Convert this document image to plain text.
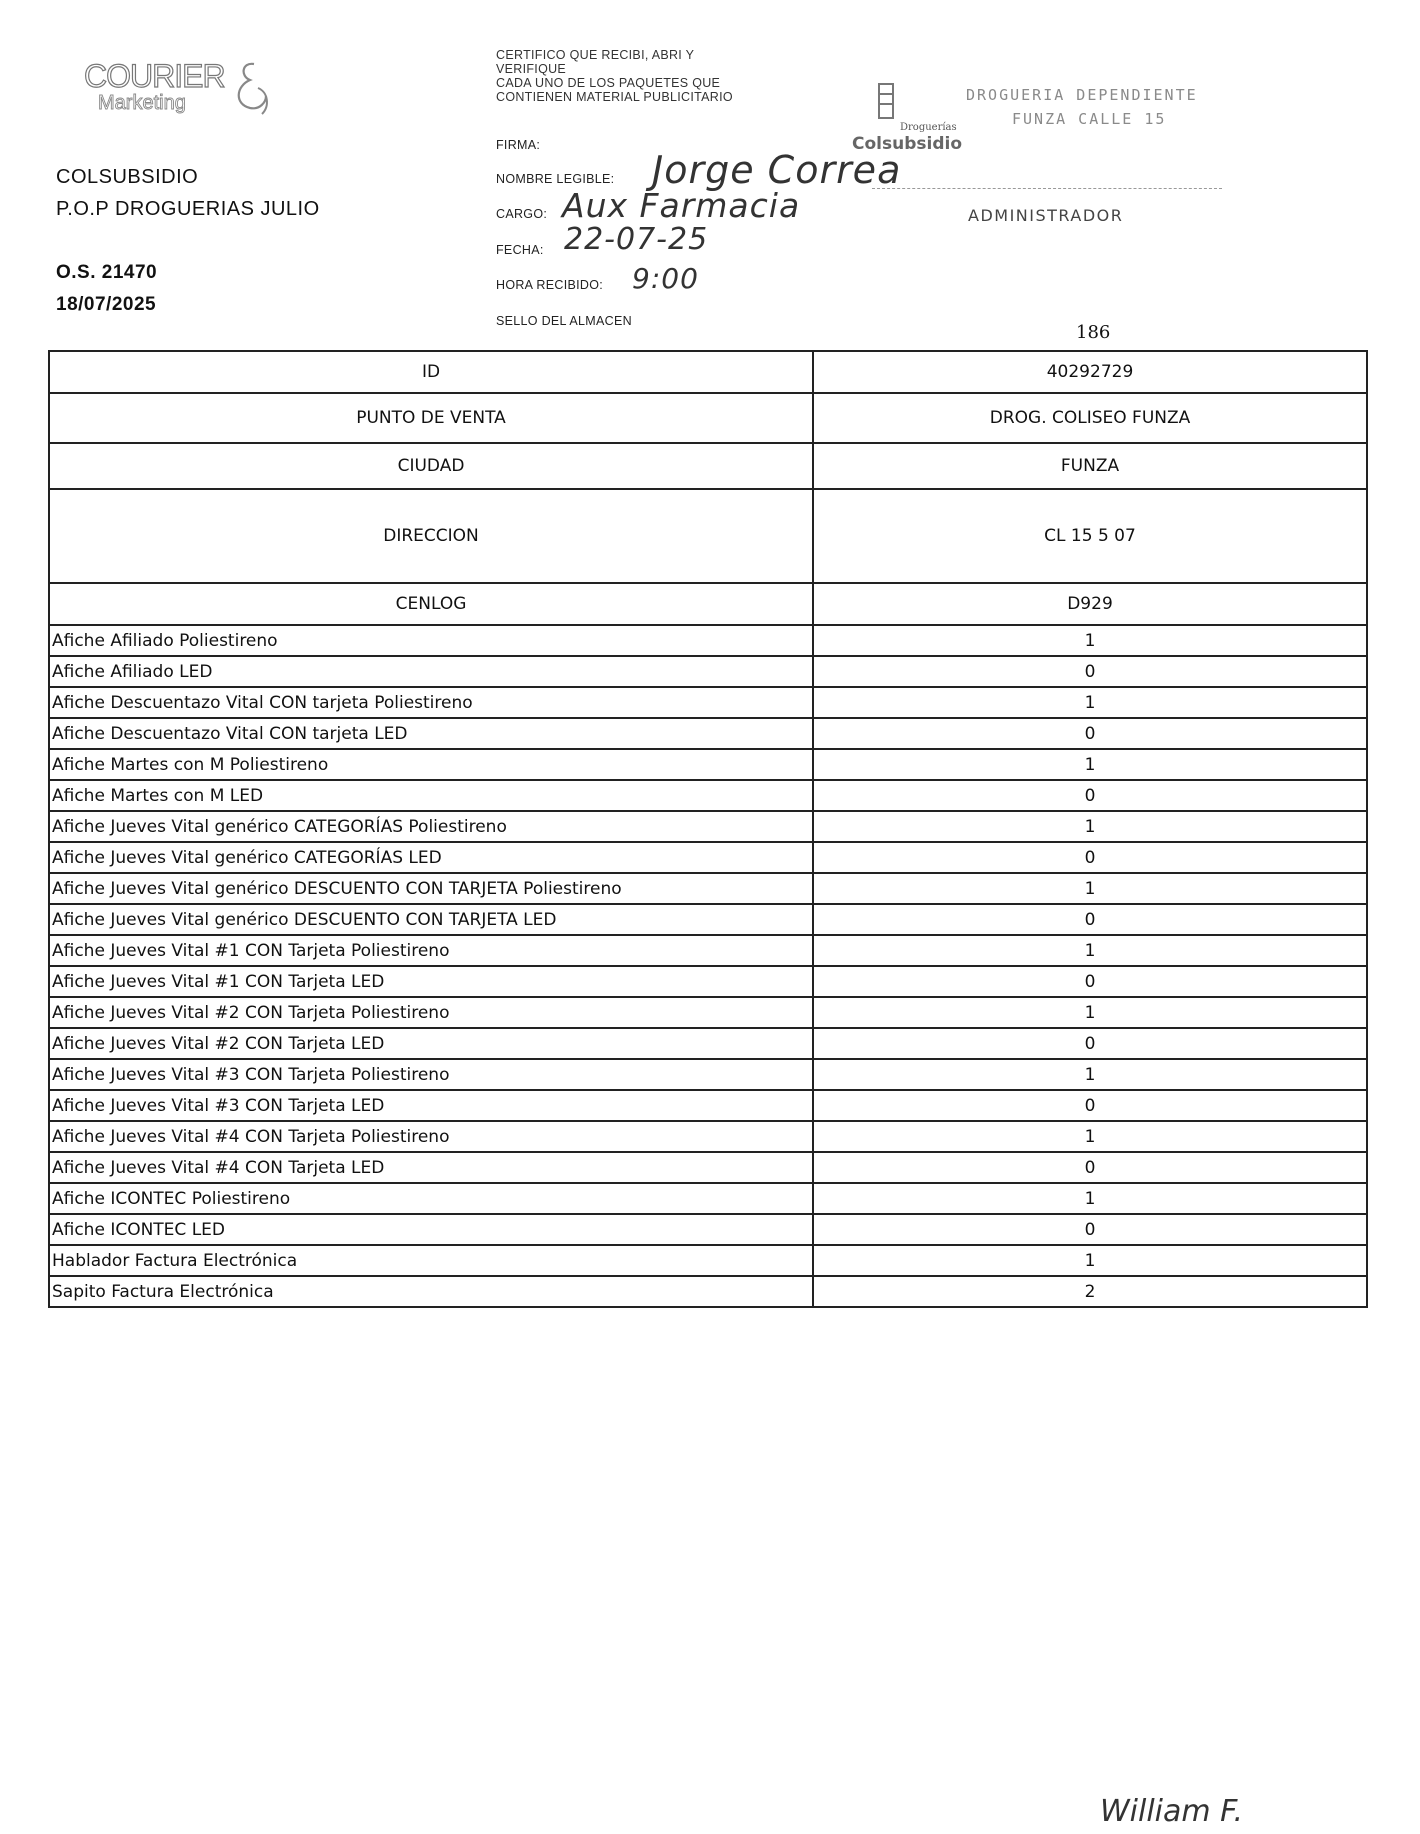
COURIER
Marketing
COLSUBSIDIO
P.O.P DROGUERIAS JULIO
O.S. 21470
18/07/2025
CERTIFICO QUE RECIBI, ABRI Y
VERIFIQUE
CADA UNO DE LOS PAQUETES QUE
CONTIENEN MATERIAL PUBLICITARIO
FIRMA:
NOMBRE LEGIBLE: Jorge Correa
CARGO: Aux Farmacia
FECHA: 22-07-25
HORA RECIBIDO: 9:00
SELLO DEL ALMACEN
Droguerías
Colsubsidio
DROGUERIA DEPENDIENTE
FUNZA CALLE 15
ADMINISTRADOR
186
ID	40292729
PUNTO DE VENTA	DROG. COLISEO FUNZA
CIUDAD	FUNZA
DIRECCION	CL 15 5 07
CENLOG	D929
Afiche Afiliado Poliestireno	1
Afiche Afiliado LED	0
Afiche Descuentazo Vital CON tarjeta Poliestireno	1
Afiche Descuentazo Vital CON tarjeta LED	0
Afiche Martes con M Poliestireno	1
Afiche Martes con M LED	0
Afiche Jueves Vital genérico CATEGORÍAS Poliestireno	1
Afiche Jueves Vital genérico CATEGORÍAS LED	0
Afiche Jueves Vital genérico DESCUENTO CON TARJETA Poliestireno	1
Afiche Jueves Vital genérico DESCUENTO CON TARJETA LED	0
Afiche Jueves Vital #1 CON Tarjeta Poliestireno	1
Afiche Jueves Vital #1 CON Tarjeta LED	0
Afiche Jueves Vital #2 CON Tarjeta Poliestireno	1
Afiche Jueves Vital #2 CON Tarjeta LED	0
Afiche Jueves Vital #3 CON Tarjeta Poliestireno	1
Afiche Jueves Vital #3 CON Tarjeta LED	0
Afiche Jueves Vital #4 CON Tarjeta Poliestireno	1
Afiche Jueves Vital #4 CON Tarjeta LED	0
Afiche ICONTEC Poliestireno	1
Afiche ICONTEC LED	0
Hablador Factura Electrónica	1
Sapito Factura Electrónica	2
William F.
